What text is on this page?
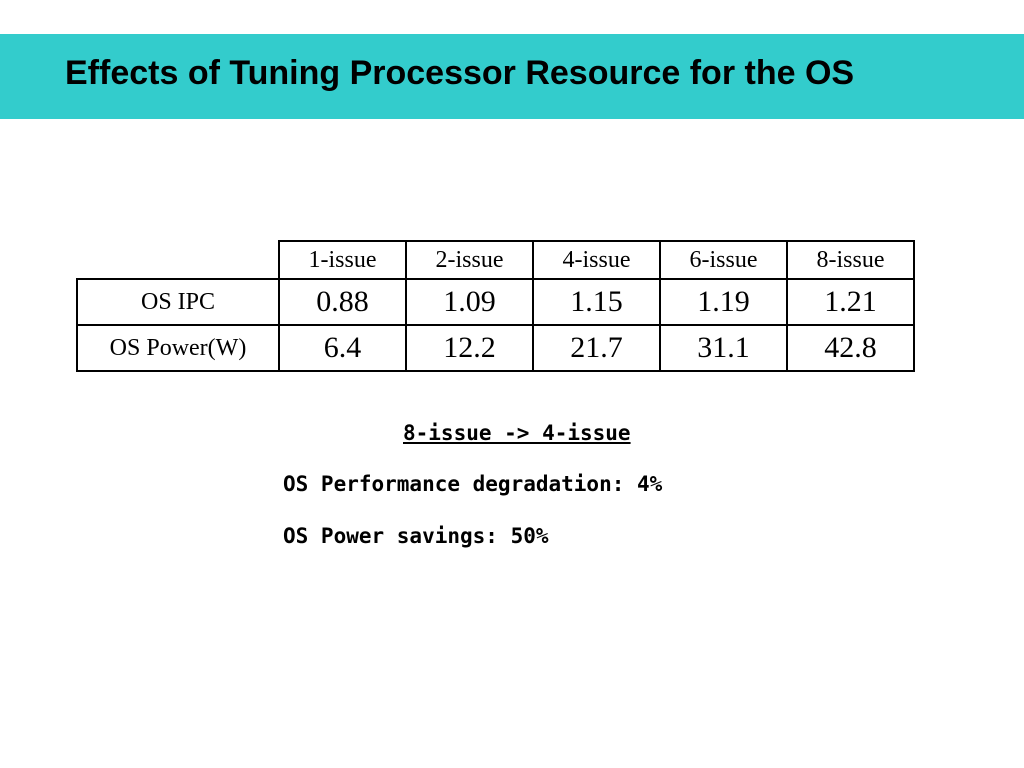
Effects of Tuning Processor Resource for the OS
	1-issue	2-issue	4-issue	6-issue	8-issue
OS IPC	0.88	1.09	1.15	1.19	1.21
OS Power(W)	6.4	12.2	21.7	31.1	42.8
8-issue -> 4-issue
OS Performance degradation: 4%
OS Power savings: 50%
